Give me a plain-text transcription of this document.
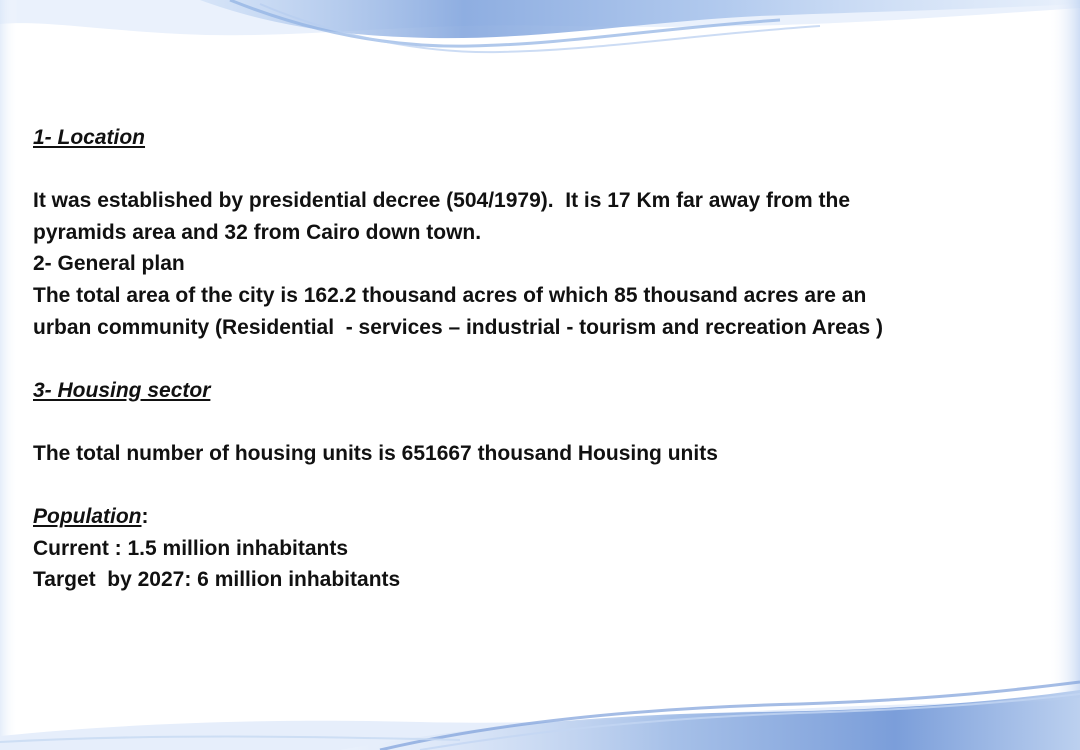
1- Location
It was established by presidential decree (504/1979).  It is 17 Km far away from the
pyramids area and 32 from Cairo down town.
2- General plan
The total area of the city is 162.2 thousand acres of which 85 thousand acres are an
urban community (Residential  - services – industrial - tourism and recreation Areas )
3- Housing sector
The total number of housing units is 651667 thousand Housing units
Population:
Current : 1.5 million inhabitants
Target  by 2027: 6 million inhabitants
